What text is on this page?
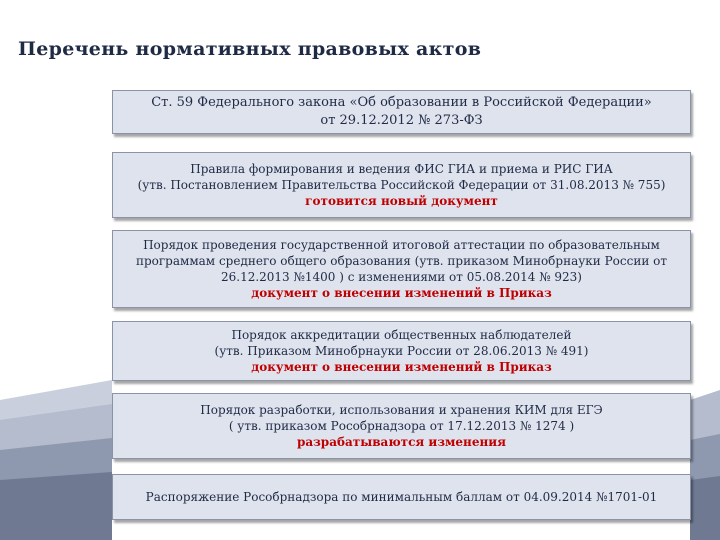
Перечень нормативных правовых актов
Ст. 59 Федерального закона «Об образовании в Российской Федерации»
от 29.12.2012 № 273-ФЗ
Правила формирования и ведения ФИС ГИА и приема и РИС ГИА
(утв. Постановлением Правительства Российской Федерации от 31.08.2013 № 755)
готовится новый документ
Порядок проведения государственной итоговой аттестации по образовательным
программам среднего общего образования (утв. приказом Минобрнауки России от
26.12.2013 №1400 ) с изменениями от 05.08.2014 № 923)
документ о внесении изменений в Приказ
Порядок аккредитации общественных наблюдателей
(утв. Приказом Минобрнауки России от 28.06.2013 № 491)
документ о внесении изменений в Приказ
Порядок разработки, использования и хранения КИМ для ЕГЭ
( утв. приказом Рособрнадзора от 17.12.2013 № 1274 )
разрабатываются изменения
Распоряжение Рособрнадзора по минимальным баллам от 04.09.2014 №1701-01
